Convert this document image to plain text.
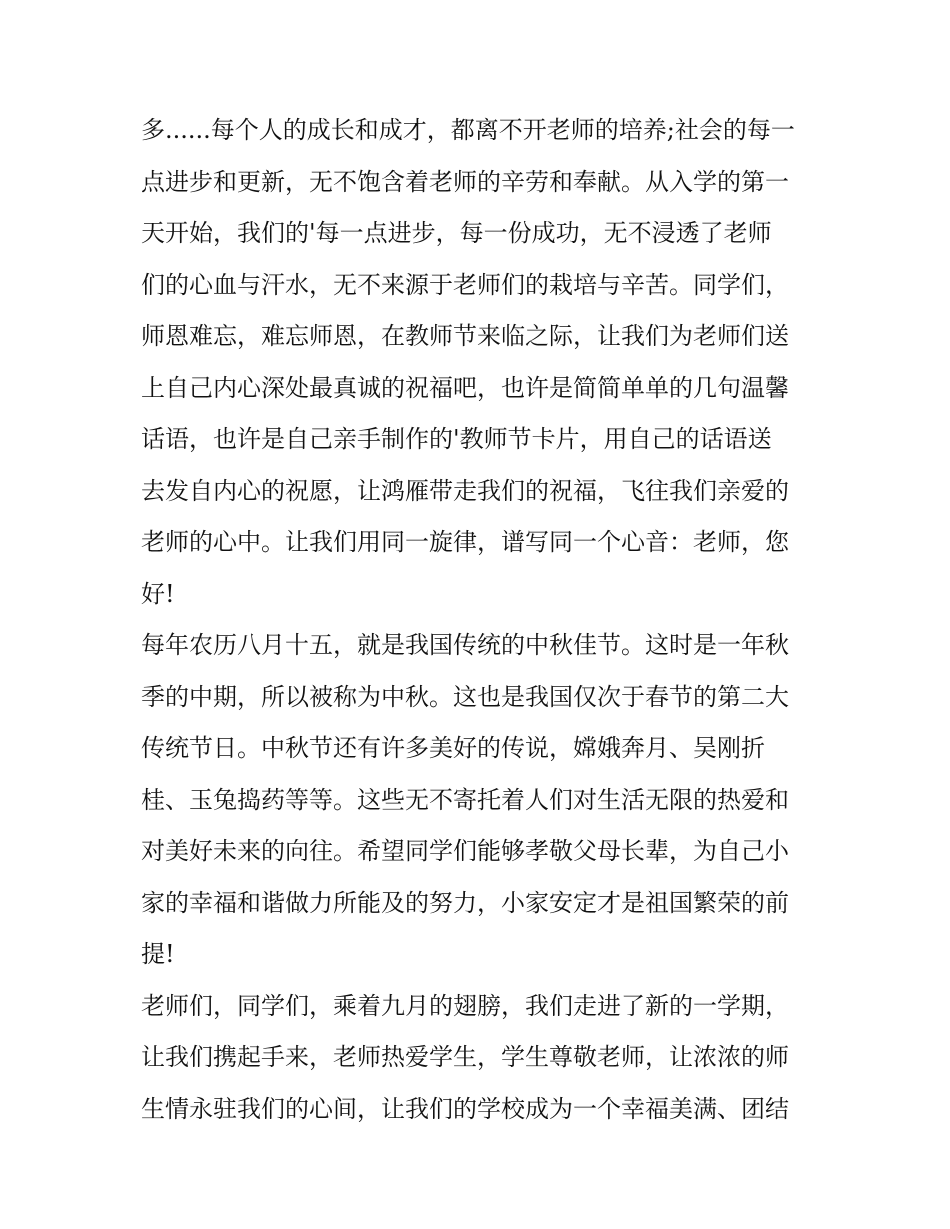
多......每个人的成长和成才，都离不开老师的培养;社会的每一
点进步和更新，无不饱含着老师的辛劳和奉献。从入学的第一
天开始，我们的'每一点进步，每一份成功，无不浸透了老师
们的心血与汗水，无不来源于老师们的栽培与辛苦。同学们，
师恩难忘，难忘师恩，在教师节来临之际，让我们为老师们送
上自己内心深处最真诚的祝福吧，也许是简简单单的几句温馨
话语，也许是自己亲手制作的'教师节卡片，用自己的话语送
去发自内心的祝愿，让鸿雁带走我们的祝福，飞往我们亲爱的
老师的心中。让我们用同一旋律，谱写同一个心音：老师，您
好!
每年农历八月十五，就是我国传统的中秋佳节。这时是一年秋
季的中期，所以被称为中秋。这也是我国仅次于春节的第二大
传统节日。中秋节还有许多美好的传说，嫦娥奔月、吴刚折
桂、玉兔捣药等等。这些无不寄托着人们对生活无限的热爱和
对美好未来的向往。希望同学们能够孝敬父母长辈，为自己小
家的幸福和谐做力所能及的努力，小家安定才是祖国繁荣的前
提!
老师们，同学们，乘着九月的翅膀，我们走进了新的一学期，
让我们携起手来，老师热爱学生，学生尊敬老师，让浓浓的师
生情永驻我们的心间，让我们的学校成为一个幸福美满、团结
